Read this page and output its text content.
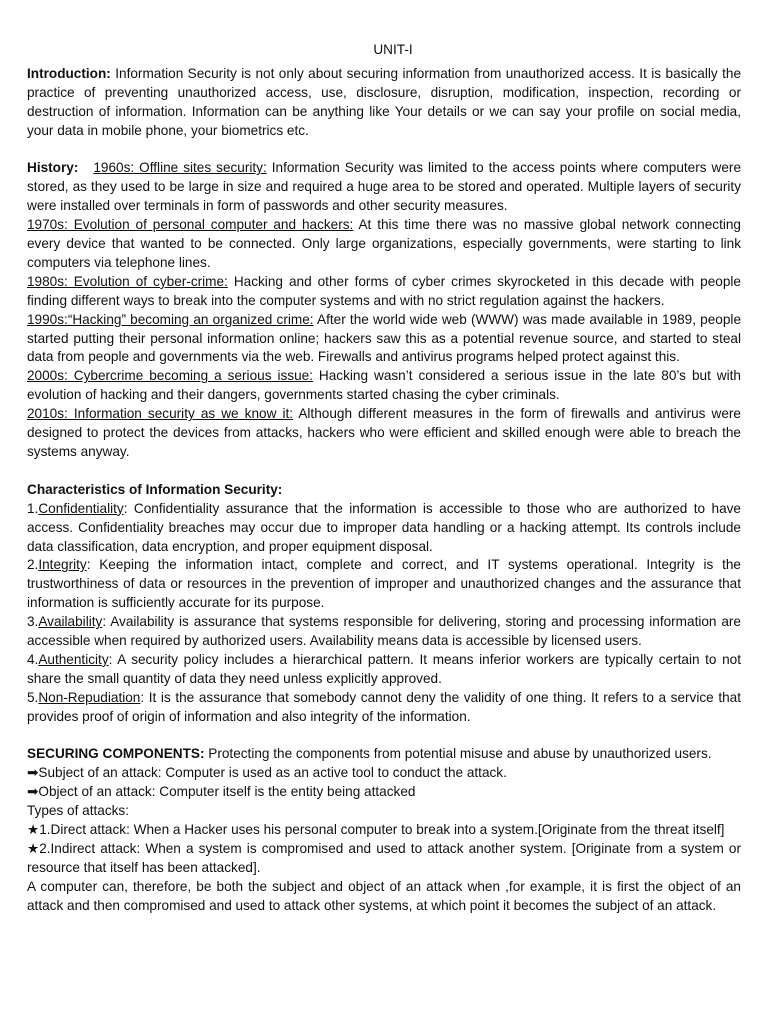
UNIT-I

Introduction: Information Security is not only about securing information from unauthorized access. It is basically the practice of preventing unauthorized access, use, disclosure, disruption, modification, inspection, recording or destruction of information. Information can be anything like Your details or we can say your profile on social media, your data in mobile phone, your biometrics etc.

History: 1960s: Offline sites security: Information Security was limited to the access points where computers were stored, as they used to be large in size and required a huge area to be stored and operated. Multiple layers of security were installed over terminals in form of passwords and other security measures.

1970s: Evolution of personal computer and hackers: At this time there was no massive global network connecting every device that wanted to be connected. Only large organizations, especially governments, were starting to link computers via telephone lines.

1980s: Evolution of cyber-crime: Hacking and other forms of cyber crimes skyrocketed in this decade with people finding different ways to break into the computer systems and with no strict regulation against the hackers.

1990s:“Hacking” becoming an organized crime: After the world wide web (WWW) was made available in 1989, people started putting their personal information online; hackers saw this as a potential revenue source, and started to steal data from people and governments via the web. Firewalls and antivirus programs helped protect against this.

2000s: Cybercrime becoming a serious issue: Hacking wasn’t considered a serious issue in the late 80’s but with evolution of hacking and their dangers, governments started chasing the cyber criminals.

2010s: Information security as we know it: Although different measures in the form of firewalls and antivirus were designed to protect the devices from attacks, hackers who were efficient and skilled enough were able to breach the systems anyway.

Characteristics of Information Security:

1.Confidentiality: Confidentiality assurance that the information is accessible to those who are authorized to have access. Confidentiality breaches may occur due to improper data handling or a hacking attempt. Its controls include data classification, data encryption, and proper equipment disposal.

2.Integrity: Keeping the information intact, complete and correct, and IT systems operational. Integrity is the trustworthiness of data or resources in the prevention of improper and unauthorized changes and the assurance that information is sufficiently accurate for its purpose.

3.Availability: Availability is assurance that systems responsible for delivering, storing and processing information are accessible when required by authorized users. Availability means data is accessible by licensed users.

4.Authenticity: A security policy includes a hierarchical pattern. It means inferior workers are typically certain to not share the small quantity of data they need unless explicitly approved.

5.Non-Repudiation: It is the assurance that somebody cannot deny the validity of one thing. It refers to a service that provides proof of origin of information and also integrity of the information.

SECURING COMPONENTS: Protecting the components from potential misuse and abuse by unauthorized users.

➡Subject of an attack: Computer is used as an active tool to conduct the attack.

➡Object of an attack: Computer itself is the entity being attacked

Types of attacks:

★1.Direct attack: When a Hacker uses his personal computer to break into a system.[Originate from the threat itself]

★2.Indirect attack: When a system is compromised and used to attack another system. [Originate from a system or resource that itself has been attacked].

A computer can, therefore, be both the subject and object of an attack when ,for example, it is first the object of an attack and then compromised and used to attack other systems, at which point it becomes the subject of an attack.
